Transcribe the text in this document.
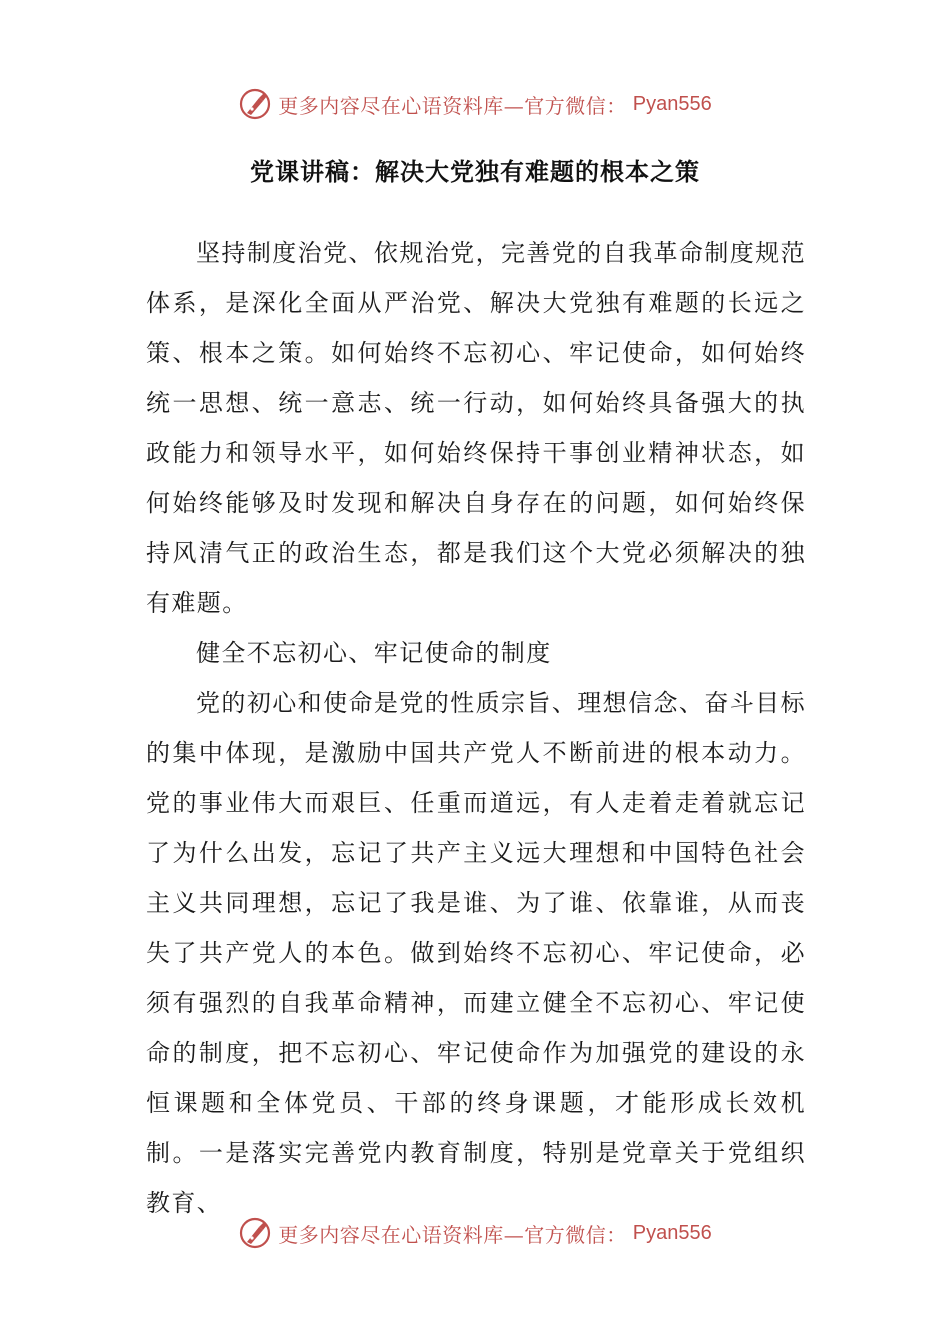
更多内容尽在心语资料库—官方微信： Pyan556
党课讲稿：解决大党独有难题的根本之策

坚持制度治党、依规治党，完善党的自我革命制度规范体系，是深化全面从严治党、解决大党独有难题的长远之策、根本之策。如何始终不忘初心、牢记使命，如何始终统一思想、统一意志、统一行动，如何始终具备强大的执政能力和领导水平，如何始终保持干事创业精神状态，如何始终能够及时发现和解决自身存在的问题，如何始终保持风清气正的政治生态，都是我们这个大党必须解决的独有难题。

健全不忘初心、牢记使命的制度

党的初心和使命是党的性质宗旨、理想信念、奋斗目标的集中体现，是激励中国共产党人不断前进的根本动力。党的事业伟大而艰巨、任重而道远，有人走着走着就忘记了为什么出发，忘记了共产主义远大理想和中国特色社会主义共同理想，忘记了我是谁、为了谁、依靠谁，从而丧失了共产党人的本色。做到始终不忘初心、牢记使命，必须有强烈的自我革命精神，而建立健全不忘初心、牢记使命的制度，把不忘初心、牢记使命作为加强党的建设的永恒课题和全体党员、干部的终身课题，才能形成长效机制。一是落实完善党内教育制度，特别是党章关于党组织教育、

更多内容尽在心语资料库—官方微信： Pyan556
